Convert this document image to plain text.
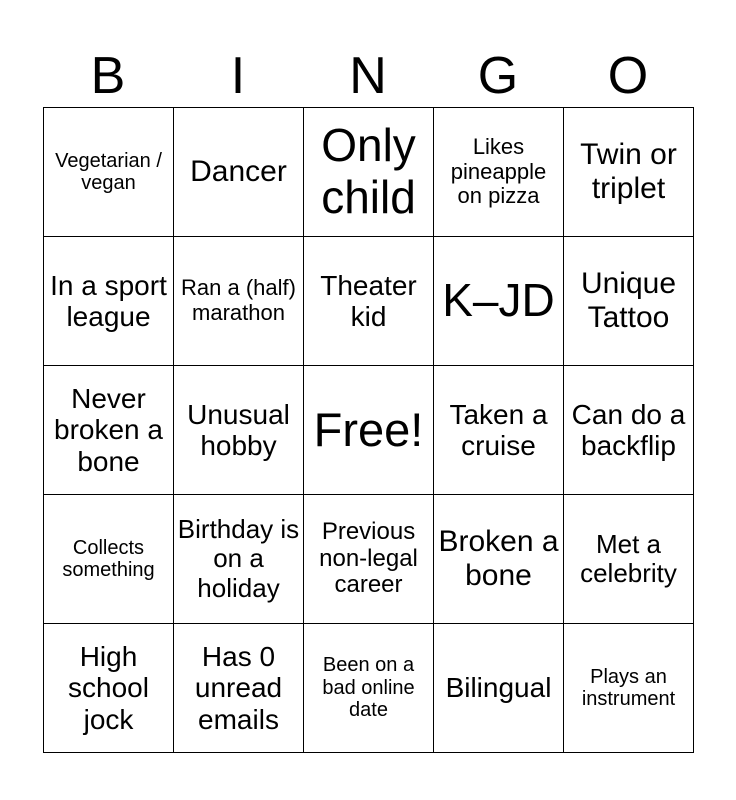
B	I	N	G	O
Vegetarian / vegan	Dancer	Only child	Likes pineapple on pizza	Twin or triplet
In a sport league	Ran a (half) marathon	Theater kid	K–JD	Unique Tattoo
Never broken a bone	Unusual hobby	Free!	Taken a cruise	Can do a backflip
Collects something	Birthday is on a holiday	Previous non-legal career	Broken a bone	Met a celebrity
High school jock	Has 0 unread emails	Been on a bad online date	Bilingual	Plays an instrument
